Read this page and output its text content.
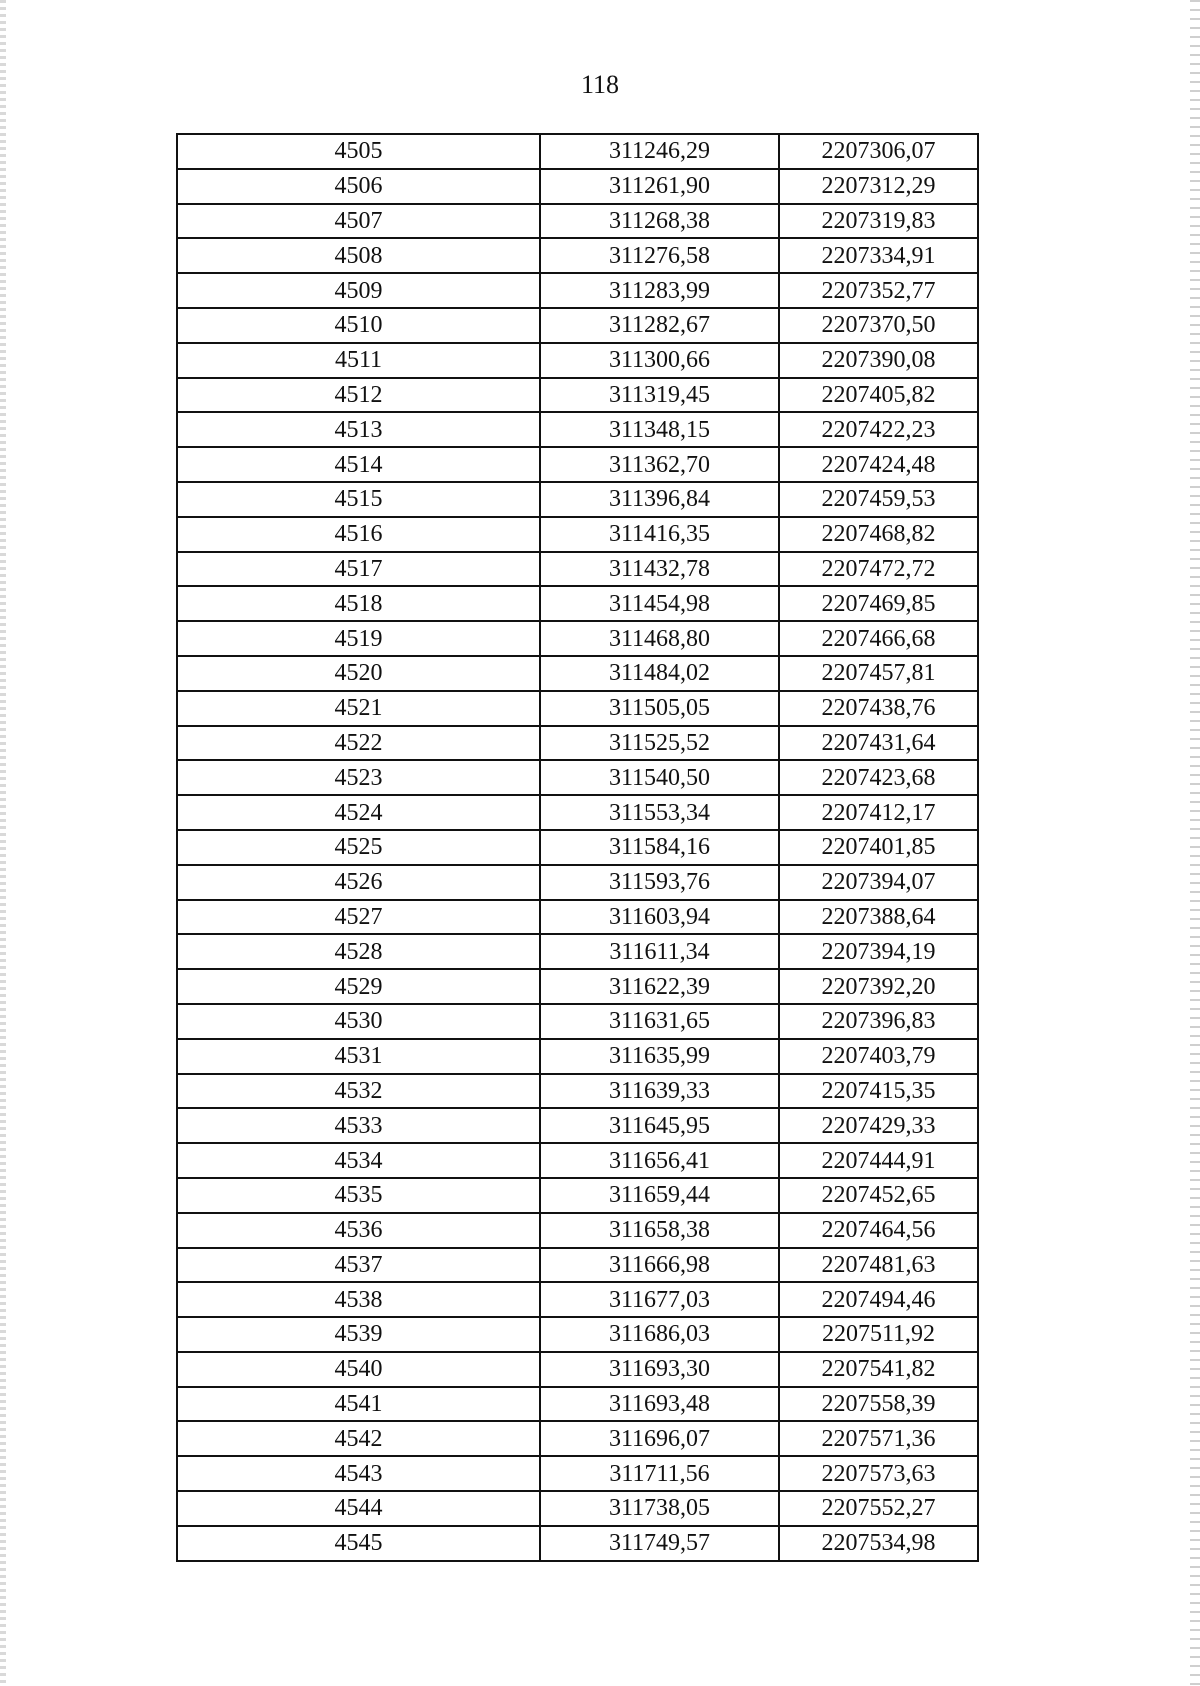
118
4505	311246,29	2207306,07
4506	311261,90	2207312,29
4507	311268,38	2207319,83
4508	311276,58	2207334,91
4509	311283,99	2207352,77
4510	311282,67	2207370,50
4511	311300,66	2207390,08
4512	311319,45	2207405,82
4513	311348,15	2207422,23
4514	311362,70	2207424,48
4515	311396,84	2207459,53
4516	311416,35	2207468,82
4517	311432,78	2207472,72
4518	311454,98	2207469,85
4519	311468,80	2207466,68
4520	311484,02	2207457,81
4521	311505,05	2207438,76
4522	311525,52	2207431,64
4523	311540,50	2207423,68
4524	311553,34	2207412,17
4525	311584,16	2207401,85
4526	311593,76	2207394,07
4527	311603,94	2207388,64
4528	311611,34	2207394,19
4529	311622,39	2207392,20
4530	311631,65	2207396,83
4531	311635,99	2207403,79
4532	311639,33	2207415,35
4533	311645,95	2207429,33
4534	311656,41	2207444,91
4535	311659,44	2207452,65
4536	311658,38	2207464,56
4537	311666,98	2207481,63
4538	311677,03	2207494,46
4539	311686,03	2207511,92
4540	311693,30	2207541,82
4541	311693,48	2207558,39
4542	311696,07	2207571,36
4543	311711,56	2207573,63
4544	311738,05	2207552,27
4545	311749,57	2207534,98
